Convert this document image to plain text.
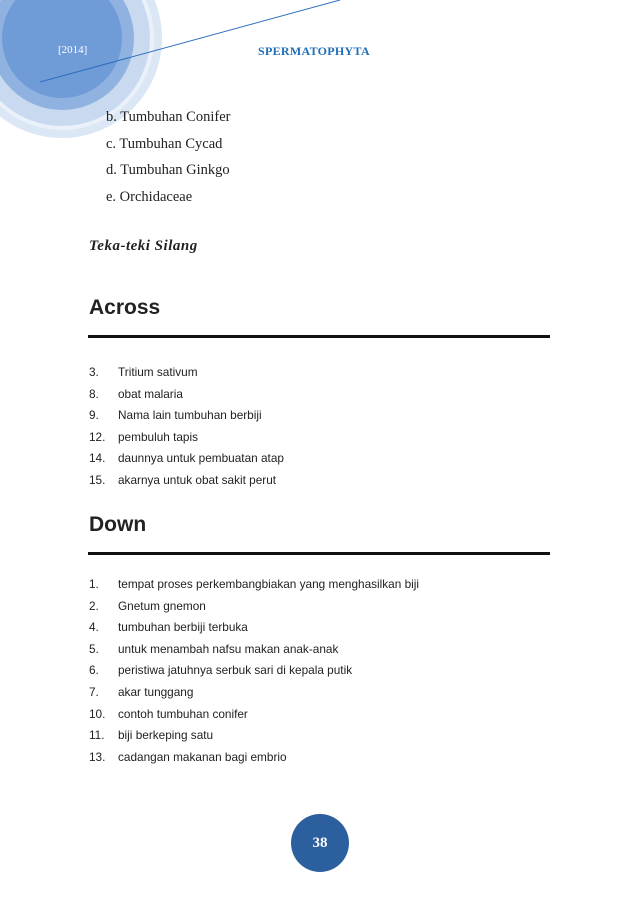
[2014]	SPERMATOPHYTA
b. Tumbuhan Conifer
c. Tumbuhan Cycad
d. Tumbuhan Ginkgo
e. Orchidaceae
Teka-teki Silang
Across
3.	Tritium sativum
8.	obat malaria
9.	Nama lain tumbuhan berbiji
12.	pembuluh tapis
14.	daunnya untuk pembuatan atap
15.	akarnya untuk obat sakit perut
Down
1.	tempat proses perkembangbiakan yang menghasilkan biji
2.	Gnetum gnemon
4.	tumbuhan berbiji terbuka
5.	untuk menambah nafsu makan anak-anak
6.	peristiwa jatuhnya serbuk sari di kepala putik
7.	akar tunggang
10.	contoh tumbuhan conifer
11.	biji berkeping satu
13.	cadangan makanan bagi embrio
38
